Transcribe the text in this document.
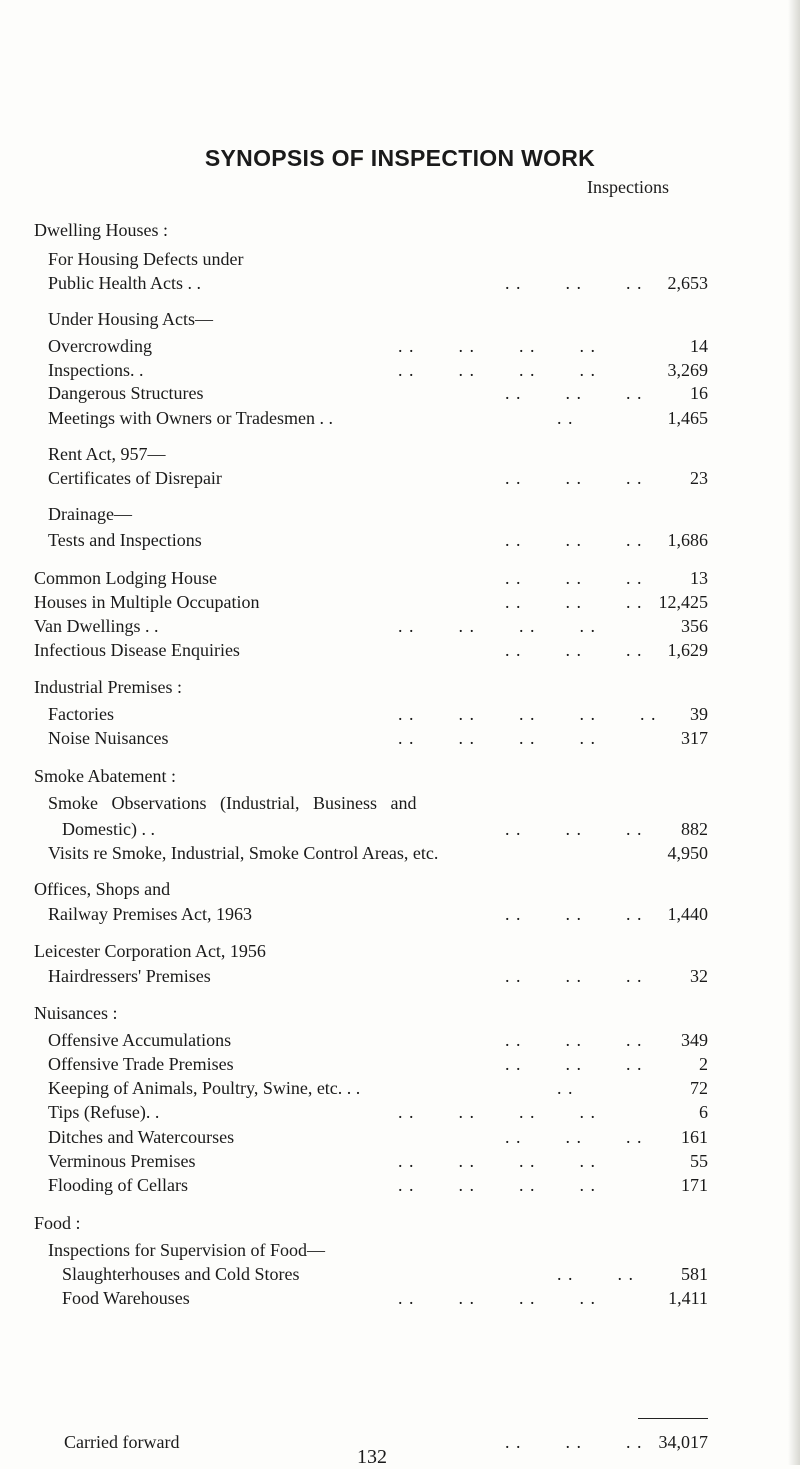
SYNOPSIS OF INSPECTION WORK
Inspections
Dwelling Houses :
For Housing Defects under
Public Health Acts . .	. .        . .        . . 2,653
Under Housing Acts—
Overcrowding	. .        . .        . .        . .	14
Inspections. .	. .        . .        . .        . .	3,269
Dangerous Structures	. .        . .        . .	16
Meetings with Owners or Tradesmen . .	. .	1,465
Rent Act, 957—
Certificates of Disrepair	. .        . .        . .	23
Drainage—
Tests and Inspections	. .        . .        . . 1,686
Common Lodging House	. .        . .        . .	13
Houses in Multiple Occupation	. .        . .        . . 12,425
Van Dwellings . .	. .        . .        . .        . .	356
Infectious Disease Enquiries	. .        . .        . . 1,629
Industrial Premises :
Factories	. .        . .        . .        . .        . . 39
Noise Nuisances	. .        . .        . .        . .	317
Smoke Abatement :
Smoke   Observations   (Industrial,   Business   and
Domestic) . .	. .        . .        . . 882
Visits re Smoke, Industrial, Smoke Control Areas, etc.	4,950
Offices, Shops and
Railway Premises Act, 1963	. .        . .        . . 1,440
Leicester Corporation Act, 1956
Hairdressers' Premises	. .        . .        . .	32
Nuisances :
Offensive Accumulations	. .        . .        . . 349
Offensive Trade Premises	. .        . .        . .	2
Keeping of Animals, Poultry, Swine, etc. . .	. .	72
Tips (Refuse). .	. .        . .        . .        . .	6
Ditches and Watercourses	. .        . .        . . 161
Verminous Premises	. .        . .        . .        . .	55
Flooding of Cellars	. .        . .        . .        . .	171
Food :
Inspections for Supervision of Food—
Slaughterhouses and Cold Stores	. .        . .	581
Food Warehouses	. .        . .        . .        . .	1,411
Carried forward	. .        . .        . . 34,017
132
